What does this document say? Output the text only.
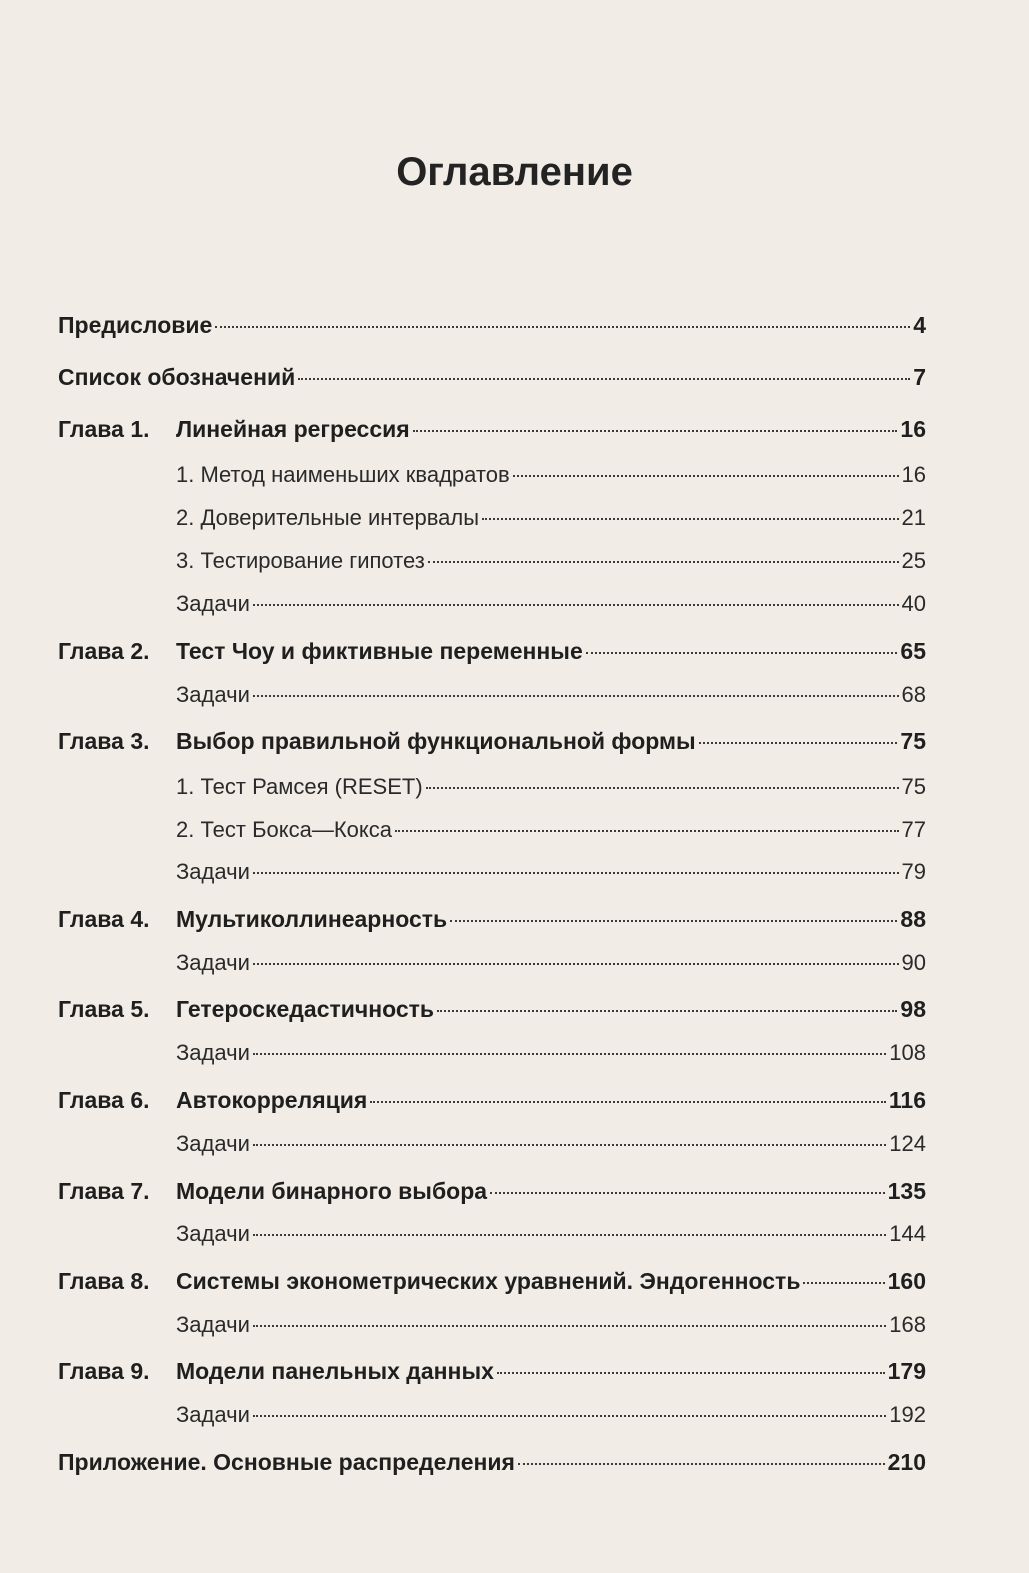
Оглавление
Предисловие	4
Список обозначений	7
Глава 1.	Линейная регрессия	16
1. Метод наименьших квадратов	16
2. Доверительные интервалы	21
3. Тестирование гипотез	25
Задачи	40
Глава 2.	Тест Чоу и фиктивные переменные	65
Задачи	68
Глава 3.	Выбор правильной функциональной формы	75
1. Тест Рамсея (RESET)	75
2. Тест Бокса—Кокса	77
Задачи	79
Глава 4.	Мультиколлинеарность	88
Задачи	90
Глава 5.	Гетероскедастичность	98
Задачи	108
Глава 6.	Автокорреляция	116
Задачи	124
Глава 7.	Модели бинарного выбора	135
Задачи	144
Глава 8.	Системы эконометрических уравнений. Эндогенность	160
Задачи	168
Глава 9.	Модели панельных данных	179
Задачи	192
Приложение. Основные распределения	210
